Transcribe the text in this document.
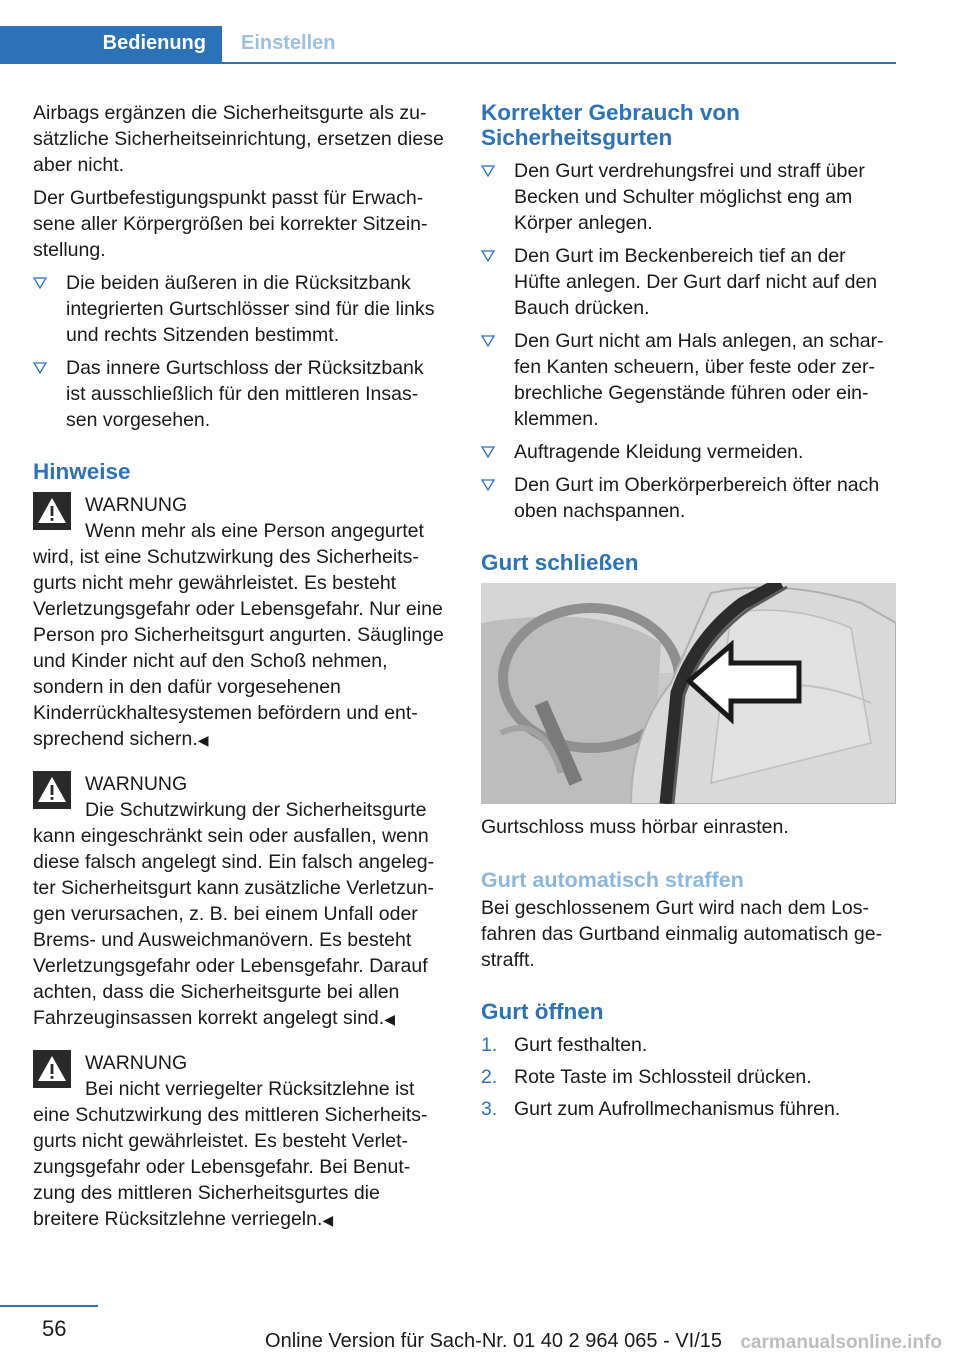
Bedienung	Einstellen

Airbags ergänzen die Sicherheitsgurte als zu‐sätzliche Sicherheitseinrichtung, ersetzen diese aber nicht.

Der Gurtbefestigungspunkt passt für Erwach‐sene aller Körpergrößen bei korrekter Sitzein‐stellung.

Die beiden äußeren in die Rücksitzbank integrierten Gurtschlösser sind für die links und rechts Sitzenden bestimmt.
Das innere Gurtschloss der Rücksitzbank ist ausschließlich für den mittleren Insas‐sen vorgesehen.
Hinweise
WARNUNG
Wenn mehr als eine Person angegurtet
wird, ist eine Schutzwirkung des Sicherheits‐gurts nicht mehr gewährleistet. Es besteht Verletzungsgefahr oder Lebensgefahr. Nur eine Person pro Sicherheitsgurt angurten. Säuglinge und Kinder nicht auf den Schoß nehmen, sondern in den dafür vorgesehenen Kinderrückhaltesystemen befördern und ent‐sprechend sichern.◀
WARNUNG
Die Schutzwirkung der Sicherheitsgurte
kann eingeschränkt sein oder ausfallen, wenn diese falsch angelegt sind. Ein falsch angeleg‐ter Sicherheitsgurt kann zusätzliche Verletzun‐gen verursachen, z. B. bei einem Unfall oder Brems- und Ausweichmanövern. Es besteht Verletzungsgefahr oder Lebensgefahr. Darauf achten, dass die Sicherheitsgurte bei allen Fahrzeuginsassen korrekt angelegt sind.◀
WARNUNG
Bei nicht verriegelter Rücksitzlehne ist
eine Schutzwirkung des mittleren Sicherheits‐gurts nicht gewährleistet. Es besteht Verlet‐zungsgefahr oder Lebensgefahr. Bei Benut‐zung des mittleren Sicherheitsgurtes die breitere Rücksitzlehne verriegeln.◀
Korrekter Gebrauch von Sicherheitsgurten
Den Gurt verdrehungsfrei und straff über Becken und Schulter möglichst eng am Körper anlegen.
Den Gurt im Beckenbereich tief an der Hüfte anlegen. Der Gurt darf nicht auf den Bauch drücken.
Den Gurt nicht am Hals anlegen, an schar‐fen Kanten scheuern, über feste oder zer‐brechliche Gegenstände führen oder ein‐klemmen.
Auftragende Kleidung vermeiden.
Den Gurt im Oberkörperbereich öfter nach oben nachspannen.
Gurt schließen

Gurtschloss muss hörbar einrasten.

Gurt automatisch straffen

Bei geschlossenem Gurt wird nach dem Los‐fahren das Gurtband einmalig automatisch ge‐strafft.

Gurt öffnen
1. Gurt festhalten.
2. Rote Taste im Schlossteil drücken.
3. Gurt zum Aufrollmechanismus führen.
56	Online Version für Sach-Nr. 01 40 2 964 065 - VI/15 carmanualsonline.info
